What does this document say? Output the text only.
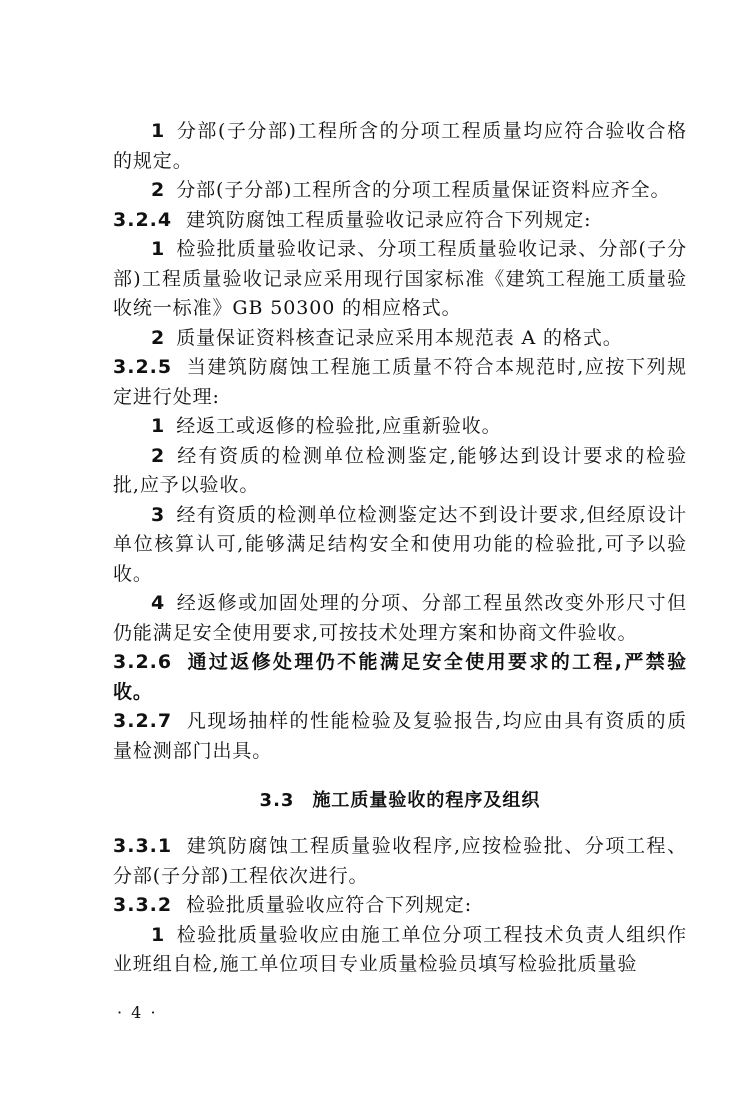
1 分部(子分部)工程所含的分项工程质量均应符合验收合格的规定。

2 分部(子分部)工程所含的分项工程质量保证资料应齐全。

3.2.4 建筑防腐蚀工程质量验收记录应符合下列规定:

1 检验批质量验收记录、分项工程质量验收记录、分部(子分部)工程质量验收记录应采用现行国家标准《建筑工程施工质量验收统一标准》GB 50300 的相应格式。

2 质量保证资料核查记录应采用本规范表 A 的格式。

3.2.5 当建筑防腐蚀工程施工质量不符合本规范时,应按下列规定进行处理:

1 经返工或返修的检验批,应重新验收。

2 经有资质的检测单位检测鉴定,能够达到设计要求的检验批,应予以验收。

3 经有资质的检测单位检测鉴定达不到设计要求,但经原设计单位核算认可,能够满足结构安全和使用功能的检验批,可予以验收。

4 经返修或加固处理的分项、分部工程虽然改变外形尺寸但仍能满足安全使用要求,可按技术处理方案和协商文件验收。

3.2.6 通过返修处理仍不能满足安全使用要求的工程,严禁验收。

3.2.7 凡现场抽样的性能检验及复验报告,均应由具有资质的质量检测部门出具。

3.3 施工质量验收的程序及组织

3.3.1 建筑防腐蚀工程质量验收程序,应按检验批、分项工程、分部(子分部)工程依次进行。

3.3.2 检验批质量验收应符合下列规定:

1 检验批质量验收应由施工单位分项工程技术负责人组织作业班组自检,施工单位项目专业质量检验员填写检验批质量验

· 4 ·
